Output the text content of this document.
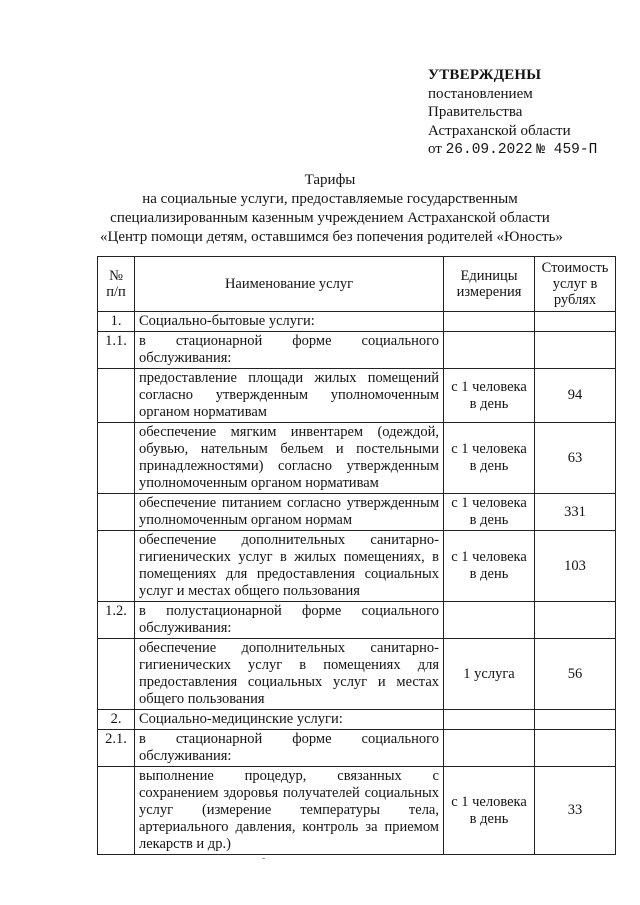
УТВЕРЖДЕНЫ
постановлением
Правительства
Астраханской области
от 26.09.2022 № 459-П
Тарифы
на социальные услуги, предоставляемые государственным
специализированным казенным учреждением Астраханской области
«Центр помощи детям, оставшимся без попечения родителей «Юность»
№ п/п	Наименование услуг	Единицы измерения	Стоимость услуг в рублях
1.	Социально-бытовые услуги:		
1.1.	в стационарной форме социального обслуживания:		
	предоставление площади жилых помещений согласно утвержденным уполномоченным органом нормативам	с 1 человека в день	94
	обеспечение мягким инвентарем (одеждой, обувью, нательным бельем и постельными принадлежностями) согласно утвержденным уполномоченным органом нормативам	с 1 человека в день	63
	обеспечение питанием согласно утвержденным уполномоченным органом нормам	с 1 человека в день	331
	обеспечение дополнительных санитарно-гигиенических услуг в жилых помещениях, в помещениях для предоставления социальных услуг и местах общего пользования	с 1 человека в день	103
1.2.	в полустационарной форме социального обслуживания:		
	обеспечение дополнительных санитарно-гигиенических услуг в помещениях для предоставления социальных услуг и местах общего пользования	1 услуга	56
2.	Социально-медицинские услуги:		
2.1.	в стационарной форме социального обслуживания:		
	выполнение процедур, связанных с сохранением здоровья получателей социальных услуг (измерение температуры тела, артериального давления, контроль за приемом лекарств и др.)	с 1 человека в день	33
